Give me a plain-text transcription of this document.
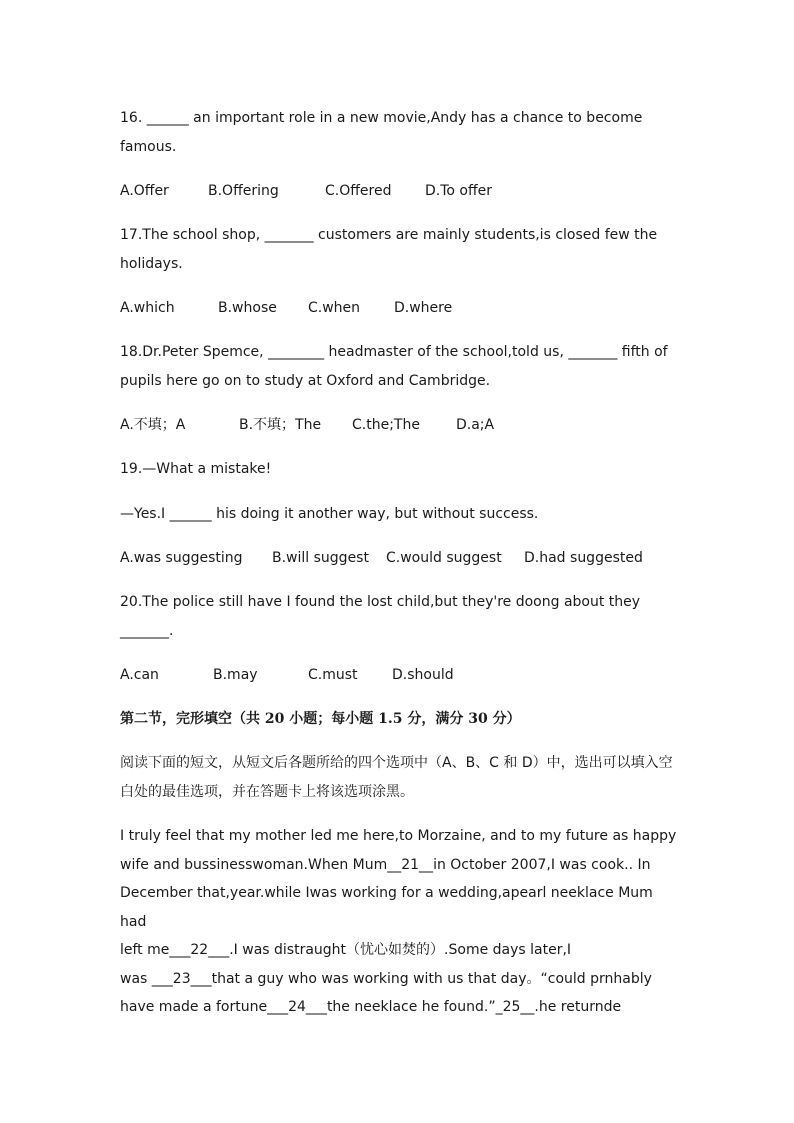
16. ______ an important role in a new movie,Andy has a chance to become

famous.

A.Offer	B.Offering	C.Offered	D.To offer

17.The school shop, _______ customers are mainly students,is closed few the

holidays.

A.which	B.whose	C.when	D.where

18.Dr.Peter Spemce, ________ headmaster of the school,told us, _______ fifth of

pupils here go on to study at Oxford and Cambridge.

A.不填；A	B.不填；The	C.the;The	D.a;A

19.—What a mistake!

—Yes.I ______ his doing it another way, but without success.

A.was suggesting	B.will suggest	C.would suggest	D.had suggested

20.The police still have I found the lost child,but they're doong about they

_______.

A.can	B.may	C.must	D.should
第二节，完形填空（共 20 小题；每小题 1.5 分，满分 30 分）

阅读下面的短文，从短文后各题所给的四个选项中（A、B、C 和 D）中，选出可以填入空

白处的最佳选项，并在答题卡上将该选项涂黑。

I truly feel that my mother led me here,to Morzaine, and to my future as happy

wife and bussinesswoman.When Mum__21__in October 2007,I was cook.. In

December that,year.while Iwas working for a wedding,apearl neeklace Mum had

left me___22___.I was distraught（忧心如焚的）.Some days later,I

was ___23___that a guy who was working with us that day。“could prnhably

have made a fortune___24___the neeklace he found.”_25__.he returnde
